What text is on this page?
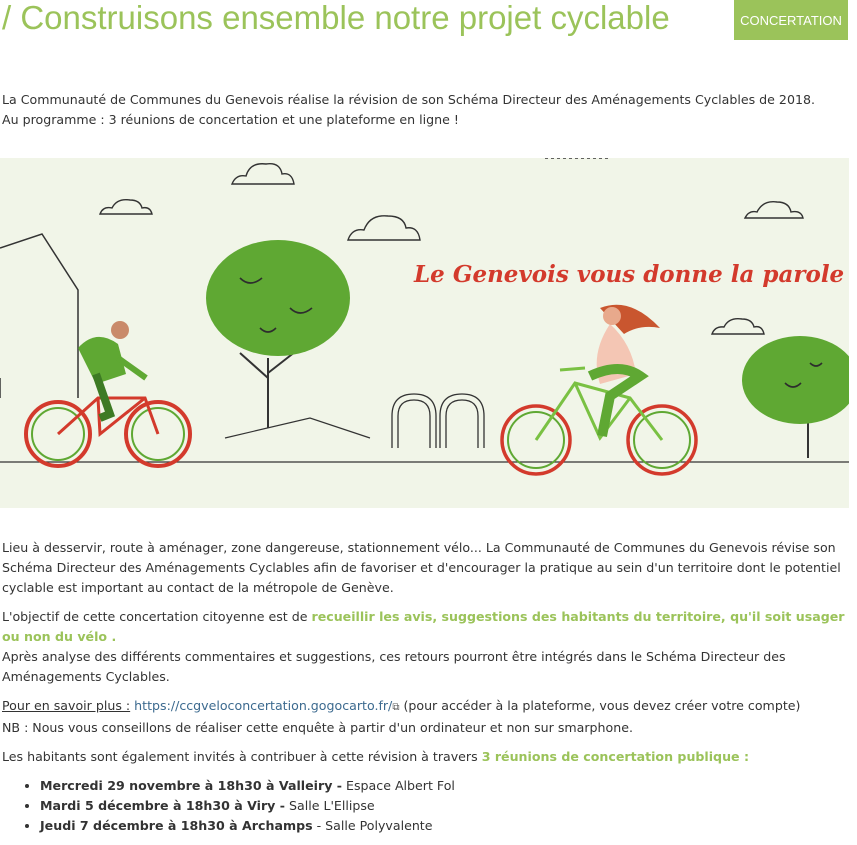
/ Construisons ensemble notre projet cyclable	CONCERTATION

La Communauté de Communes du Genevois réalise la révision de son Schéma Directeur des Aménagements Cyclables de 2018.

Au programme : 3 réunions de concertation et une plateforme en ligne !

Le Genevois vous donne la parole

Lieu à desservir, route à aménager, zone dangereuse, stationnement vélo... La Communauté de Communes du Genevois révise son Schéma Directeur des Aménagements Cyclables afin de favoriser et d'encourager la pratique au sein d'un territoire dont le potentiel cyclable est important au contact de la métropole de Genève.

L'objectif de cette concertation citoyenne est de recueillir les avis, suggestions des habitants du territoire, qu'il soit usager ou non du vélo .
Après analyse des différents commentaires et suggestions, ces retours pourront être intégrés dans le Schéma Directeur des Aménagements Cyclables.

Pour en savoir plus : https://ccgveloconcertation.gogocarto.fr/⧉ (pour accéder à la plateforme, vous devez créer votre compte)
NB : Nous vous conseillons de réaliser cette enquête à partir d'un ordinateur et non sur smarphone.

Les habitants sont également invités à contribuer à cette révision à travers 3 réunions de concertation publique :

• Mercredi 29 novembre à 18h30 à Valleiry - Espace Albert Fol
• Mardi 5 décembre à 18h30 à Viry - Salle L'Ellipse
• Jeudi 7 décembre à 18h30 à Archamps - Salle Polyvalente
